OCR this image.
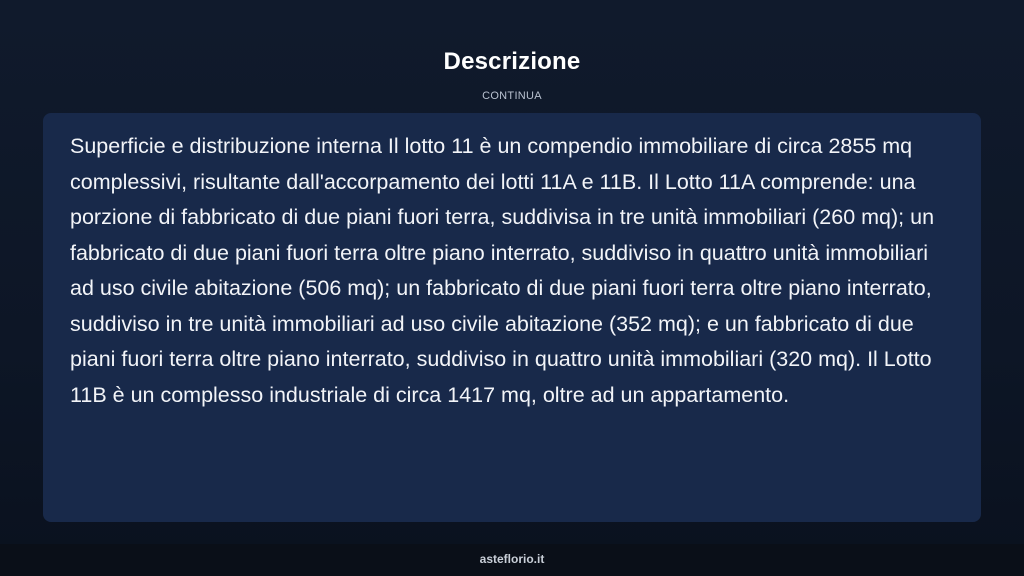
Descrizione
CONTINUA

Superficie e distribuzione interna Il lotto 11 è un compendio immobiliare di circa 2855 mq complessivi, risultante dall'accorpamento dei lotti 11A e 11B. Il Lotto 11A comprende: una porzione di fabbricato di due piani fuori terra, suddivisa in tre unità immobiliari (260 mq); un fabbricato di due piani fuori terra oltre piano interrato, suddiviso in quattro unità immobiliari ad uso civile abitazione (506 mq); un fabbricato di due piani fuori terra oltre piano interrato, suddiviso in tre unità immobiliari ad uso civile abitazione (352 mq); e un fabbricato di due piani fuori terra oltre piano interrato, suddiviso in quattro unità immobiliari (320 mq). Il Lotto 11B è un complesso industriale di circa 1417 mq, oltre ad un appartamento.

asteflorio.it
